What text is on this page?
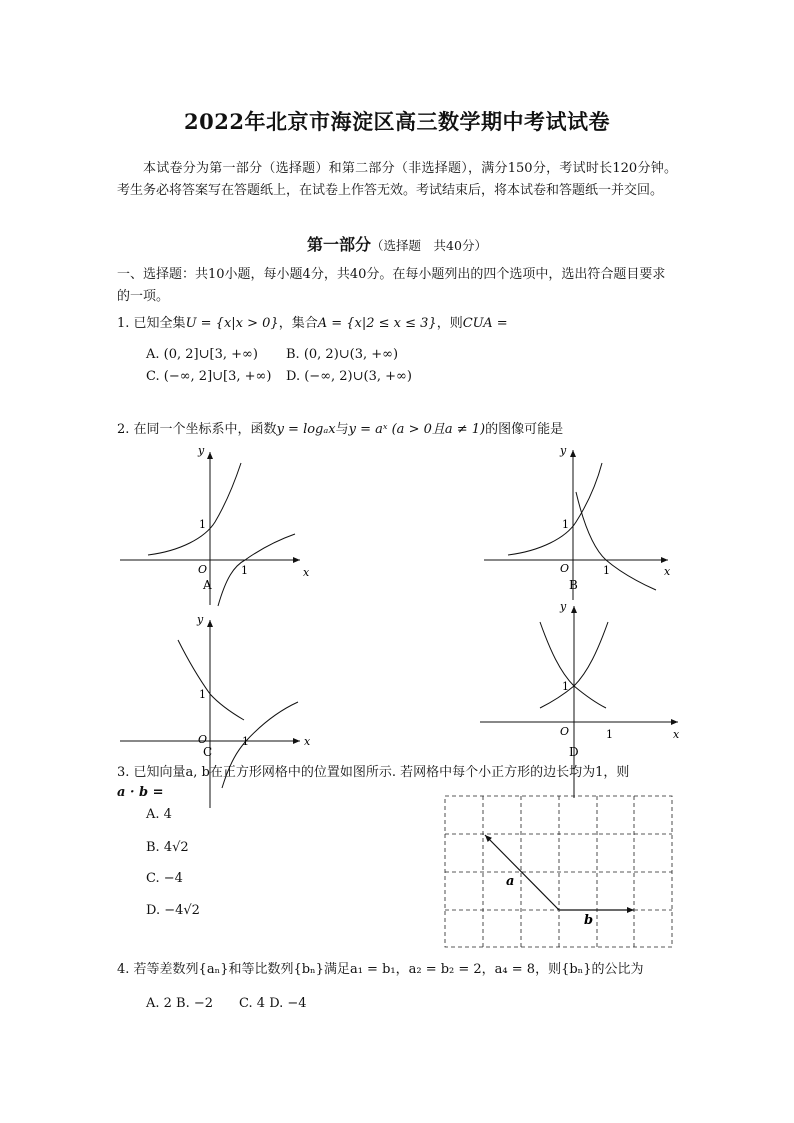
2022年北京市海淀区高三数学期中考试试卷
本试卷分为第一部分（选择题）和第二部分（非选择题），满分150分，考试时长120分钟。考生务必将答案写在答题纸上，在试卷上作答无效。考试结束后，将本试卷和答题纸一并交回。
第一部分（选择题　共40分）
一、选择题：共10小题，每小题4分，共40分。在每小题列出的四个选项中，选出符合题目要求的一项。
1. 已知全集U = {x|x > 0}，集合A = {x|2 ≤ x ≤ 3}，则CUA =
A. (0, 2]∪[3, +∞) B. (0, 2)∪(3, +∞)
C. (−∞, 2]∪[3, +∞) D. (−∞, 2)∪(3, +∞)
2. 在同一个坐标系中，函数y = logₐx与y = aˣ (a > 0且a ≠ 1)的图像可能是
y
x
O	1
1
A
y
x
O	1
1
B
y
x
O	1
1
C
y
x
O	1
1
D
a
b
3. 已知向量a, b在正方形网格中的位置如图所示. 若网格中每个小正方形的边长均为1，则
a · b =
A. 4
B. 4√2
C. −4
D. −4√2
4. 若等差数列{aₙ}和等比数列{bₙ}满足a₁ = b₁，a₂ = b₂ = 2，a₄ = 8，则{bₙ}的公比为
A. 2 B. −2　　C. 4 D. −4
